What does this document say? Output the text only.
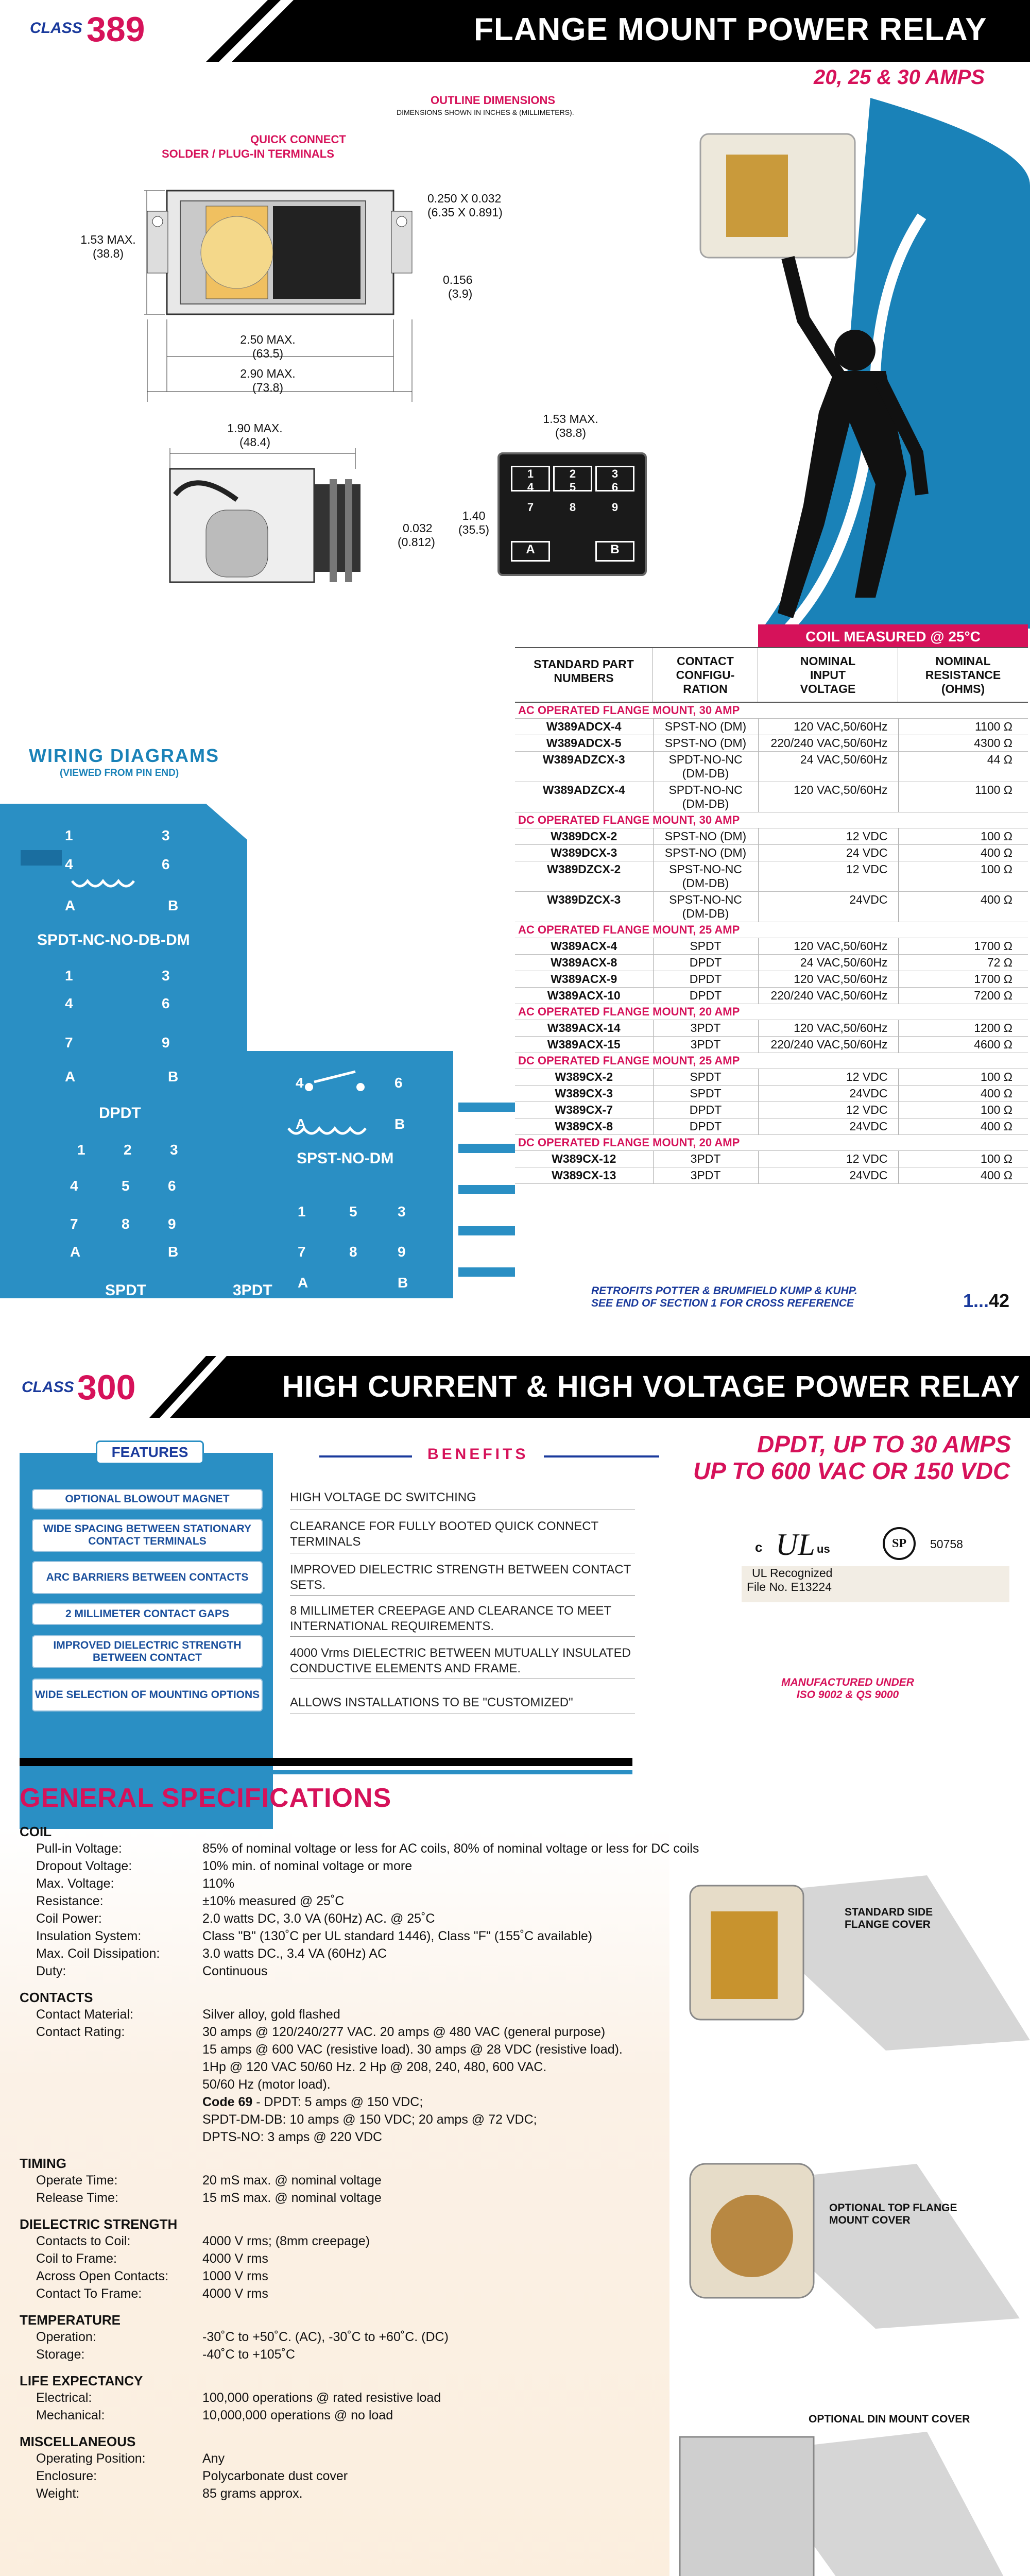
CLASS 389	FLANGE MOUNT POWER RELAY
20, 25 & 30 AMPS
OUTLINE DIMENSIONS
DIMENSIONS SHOWN IN INCHES & (MILLIMETERS).
QUICK CONNECT
SOLDER / PLUG-IN TERMINALS
1.53 MAX.
(38.8)
0.250 X 0.032
(6.35 X 0.891)
0.156
(3.9)
2.50 MAX.
(63.5)
2.90 MAX.
(73.8)
1.90 MAX.
(48.4)
0.032
(0.812)
1.40
(35.5)
1.53 MAX.
(38.8)
1
4
2
5
3
6
7	8	9
A	B
WIRING DIAGRAMS
(VIEWED FROM PIN END)
1	3
4	6
A	B
SPDT-NC-NO-DB-DM
1	3
4	6
7	9
A	B
DPDT
4	6
A	B
SPST-NO-DM
1	2	3
4	5	6
7	8	9
A	B
SPDT
1	5	3
7	8	9
A	B
3PDT
COIL MEASURED @ 25°C
STANDARD PART NUMBERS
CONTACT CONFIGU- RATION
NOMINAL INPUT VOLTAGE
NOMINAL RESISTANCE (OHMS)
AC OPERATED FLANGE MOUNT, 30 AMP			
W389ADCX-4	SPST-NO (DM)	120 VAC,50/60Hz	1100 Ω
W389ADCX-5	SPST-NO (DM)	220/240 VAC,50/60Hz	4300 Ω
W389ADZCX-3	SPDT-NO-NC (DM-DB)	24 VAC,50/60Hz	44 Ω
W389ADZCX-4	SPDT-NO-NC (DM-DB)	120 VAC,50/60Hz	1100 Ω
DC OPERATED FLANGE MOUNT, 30 AMP			
W389DCX-2	SPST-NO (DM)	12 VDC	100 Ω
W389DCX-3	SPST-NO (DM)	24 VDC	400 Ω
W389DZCX-2	SPST-NO-NC (DM-DB)	12 VDC	100 Ω
W389DZCX-3	SPST-NO-NC (DM-DB)	24VDC	400 Ω
AC OPERATED FLANGE MOUNT, 25 AMP			
W389ACX-4	SPDT	120 VAC,50/60Hz	1700 Ω
W389ACX-8	DPDT	24 VAC,50/60Hz	72 Ω
W389ACX-9	DPDT	120 VAC,50/60Hz	1700 Ω
W389ACX-10	DPDT	220/240 VAC,50/60Hz	7200 Ω
AC OPERATED FLANGE MOUNT, 20 AMP			
W389ACX-14	3PDT	120 VAC,50/60Hz	1200 Ω
W389ACX-15	3PDT	220/240 VAC,50/60Hz	4600 Ω
DC OPERATED FLANGE MOUNT, 25 AMP			
W389CX-2	SPDT	12 VDC	100 Ω
W389CX-3	SPDT	24VDC	400 Ω
W389CX-7	DPDT	12 VDC	100 Ω
W389CX-8	DPDT	24VDC	400 Ω
DC OPERATED FLANGE MOUNT, 20 AMP			
W389CX-12	3PDT	12 VDC	100 Ω
W389CX-13	3PDT	24VDC	400 Ω
RETROFITS POTTER & BRUMFIELD KUMP & KUHP.
SEE END OF SECTION 1 FOR CROSS REFERENCE	1...42
CLASS 300	HIGH CURRENT & HIGH VOLTAGE POWER RELAY
DPDT, UP TO 30 AMPS
UP TO 600 VAC OR 150 VDC
FEATURES	BENEFITS
OPTIONAL BLOWOUT MAGNET
WIDE SPACING BETWEEN STATIONARY CONTACT TERMINALS
ARC BARRIERS BETWEEN CONTACTS
2 MILLIMETER CONTACT GAPS
IMPROVED DIELECTRIC STRENGTH BETWEEN CONTACT
WIDE SELECTION OF MOUNTING OPTIONS
HIGH VOLTAGE DC SWITCHING
CLEARANCE FOR FULLY BOOTED QUICK CONNECT TERMINALS
IMPROVED DIELECTRIC STRENGTH BETWEEN CONTACT SETS.
8 MILLIMETER CREEPAGE AND CLEARANCE TO MEET INTERNATIONAL REQUIREMENTS.
4000 Vrms DIELECTRIC BETWEEN MUTUALLY INSULATED CONDUCTIVE ELEMENTS AND FRAME.
ALLOWS INSTALLATIONS TO BE "CUSTOMIZED"
c UL us
UL Recognized
File No. E13224
SP	50758
MANUFACTURED UNDER
ISO 9002 & QS 9000
GENERAL SPECIFICATIONS
COIL
Pull-in Voltage:	85% of nominal voltage or less for AC coils, 80% of nominal voltage or less for DC coils
Dropout Voltage:	10% min. of nominal voltage or more
Max. Voltage:	110%
Resistance:	±10% measured @ 25˚C
Coil Power:	2.0 watts DC, 3.0 VA (60Hz) AC. @ 25˚C
Insulation System:	Class "B" (130˚C per UL standard 1446), Class "F" (155˚C available)
Max. Coil Dissipation:	3.0 watts DC., 3.4 VA (60Hz) AC
Duty:	Continuous
CONTACTS
Contact Material:	Silver alloy, gold flashed
Contact Rating:	30 amps @ 120/240/277 VAC. 20 amps @ 480 VAC (general purpose)
15 amps @ 600 VAC (resistive load). 30 amps @ 28 VDC (resistive load).
1Hp @ 120 VAC 50/60 Hz. 2 Hp @ 208, 240, 480, 600 VAC.
50/60 Hz (motor load).
Code 69 - DPDT: 5 amps @ 150 VDC;
SPDT-DM-DB: 10 amps @ 150 VDC; 20 amps @ 72 VDC;
DPTS-NO: 3 amps @ 220 VDC
TIMING
Operate Time:	20 mS max. @ nominal voltage
Release Time:	15 mS max. @ nominal voltage
DIELECTRIC STRENGTH
Contacts to Coil:	4000 V rms; (8mm creepage)
Coil to Frame:	4000 V rms
Across Open Contacts:	1000 V rms
Contact To Frame:	4000 V rms
TEMPERATURE
Operation:	-30˚C to +50˚C. (AC), -30˚C to +60˚C. (DC)
Storage:	-40˚C to +105˚C
LIFE EXPECTANCY
Electrical:	100,000 operations @ rated resistive load
Mechanical:	10,000,000 operations @ no load
MISCELLANEOUS
Operating Position:	Any
Enclosure:	Polycarbonate dust cover
Weight:	85 grams approx.
STANDARD SIDE
FLANGE COVER
OPTIONAL TOP FLANGE
MOUNT COVER
OPTIONAL DIN MOUNT COVER
